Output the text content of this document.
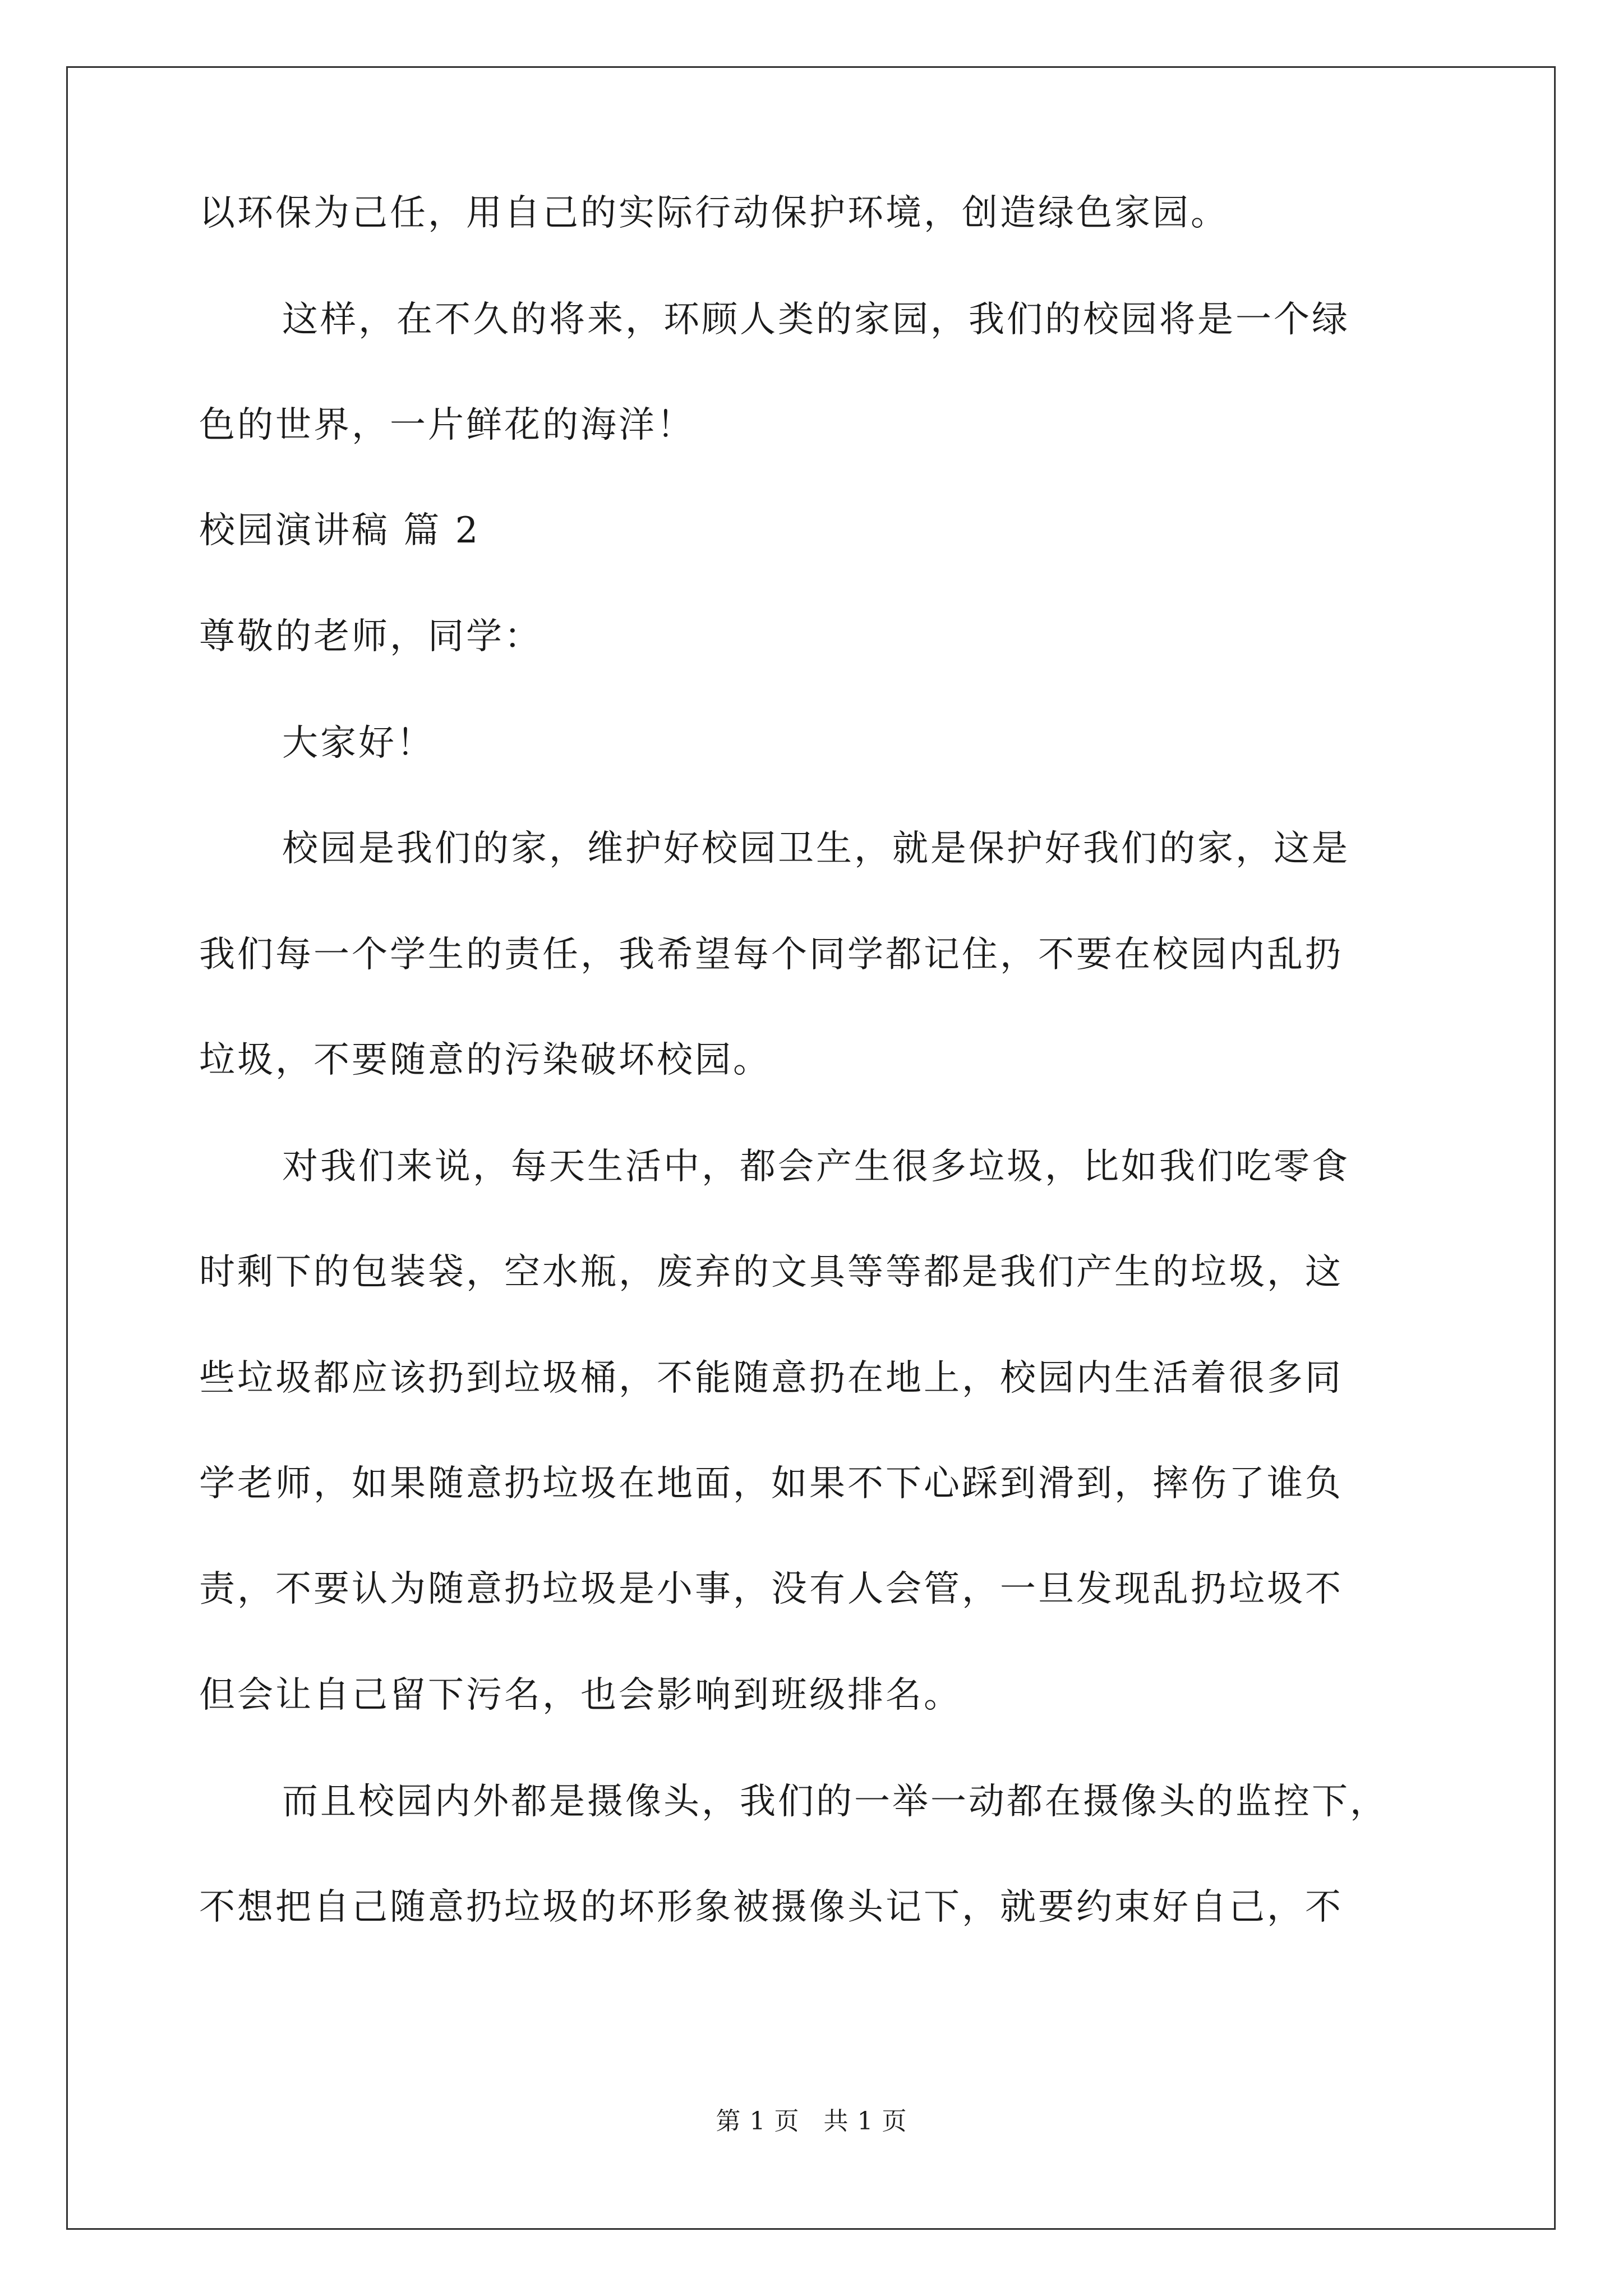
以环保为己任，用自己的实际行动保护环境，创造绿色家园。
这样，在不久的将来，环顾人类的家园，我们的校园将是一个绿
色的世界，一片鲜花的海洋！
校园演讲稿 篇 2
尊敬的老师，同学：
大家好！
校园是我们的家，维护好校园卫生，就是保护好我们的家，这是
我们每一个学生的责任，我希望每个同学都记住，不要在校园内乱扔
垃圾，不要随意的污染破坏校园。
对我们来说，每天生活中，都会产生很多垃圾，比如我们吃零食
时剩下的包装袋，空水瓶，废弃的文具等等都是我们产生的垃圾，这
些垃圾都应该扔到垃圾桶，不能随意扔在地上，校园内生活着很多同
学老师，如果随意扔垃圾在地面，如果不下心踩到滑到，摔伤了谁负
责，不要认为随意扔垃圾是小事，没有人会管，一旦发现乱扔垃圾不
但会让自己留下污名，也会影响到班级排名。
而且校园内外都是摄像头，我们的一举一动都在摄像头的监控下，
不想把自己随意扔垃圾的坏形象被摄像头记下，就要约束好自己，不
第 1 页 共 1 页
